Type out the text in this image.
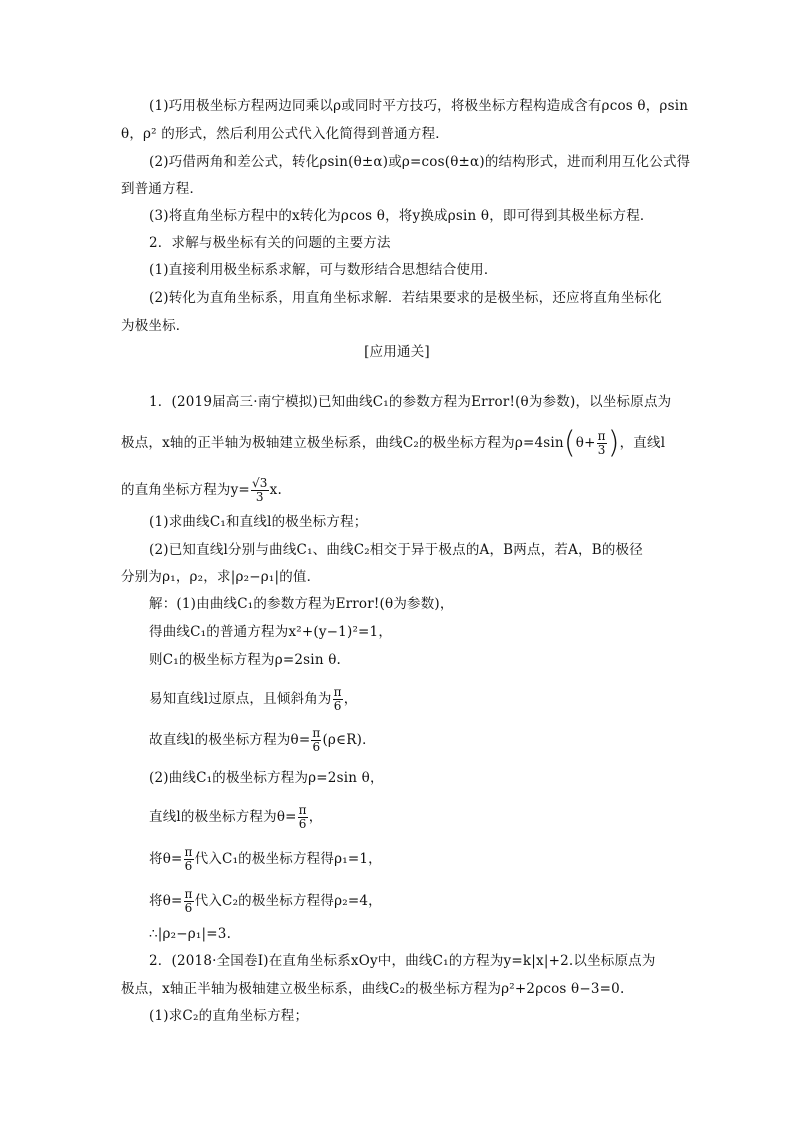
(1)巧用极坐标方程两边同乘以ρ或同时平方技巧，将极坐标方程构造成含有ρcos θ，ρsin
θ，ρ² 的形式，然后利用公式代入化简得到普通方程．
(2)巧借两角和差公式，转化ρsin(θ±α)或ρ=cos(θ±α)的结构形式，进而利用互化公式得
到普通方程．
(3)将直角坐标方程中的x转化为ρcos θ，将y换成ρsin θ，即可得到其极坐标方程．
2．求解与极坐标有关的问题的主要方法
(1)直接利用极坐标系求解，可与数形结合思想结合使用．
(2)转化为直角坐标系，用直角坐标求解．若结果要求的是极坐标，还应将直角坐标化
为极坐标．
[应用通关]
1．(2019届高三·南宁模拟)已知曲线C₁的参数方程为Error!(θ为参数)，以坐标原点为
极点，x轴的正半轴为极轴建立极坐标系，曲线C₂的极坐标方程为$\rho=4\sin(\theta+ \frac{\pi}{3}$ )，直线l
的直角坐标方程为$y= \frac{√3}{3} x$.
(1)求曲线C₁和直线l的极坐标方程；
(2)已知直线l分别与曲线C₁、曲线C₂相交于异于极点的A，B两点，若A，B的极径
分别为ρ₁，ρ₂，求|ρ₂−ρ₁|的值．
解：(1)由曲线C₁的参数方程为Error!(θ为参数)，
得曲线C₁的普通方程为x²+(y−1)²=1，
则C₁的极坐标方程为ρ=2sin θ.
易知直线l过原点，且倾斜角为 $\frac{\pi}{6}$ ，
故直线l的极坐标方程为$\theta= \frac{\pi}{6}$ (ρ∈R)．
(2)曲线C₁的极坐标方程为ρ=2sin θ，
直线l的极坐标方程为$\theta= \frac{\pi}{6}$ ，
将$\theta= \frac{\pi}{6}$ 代入C₁的极坐标方程得ρ₁=1，
将$\theta= \frac{\pi}{6}$ 代入C₂的极坐标方程得ρ₂=4，
∴|ρ₂−ρ₁|=3.
2．(2018·全国卷Ⅰ)在直角坐标系xOy中，曲线C₁的方程为y=k|x|+2.以坐标原点为
极点，x轴正半轴为极轴建立极坐标系，曲线C₂的极坐标方程为ρ²+2ρcos θ−3=0.
(1)求C₂的直角坐标方程；
